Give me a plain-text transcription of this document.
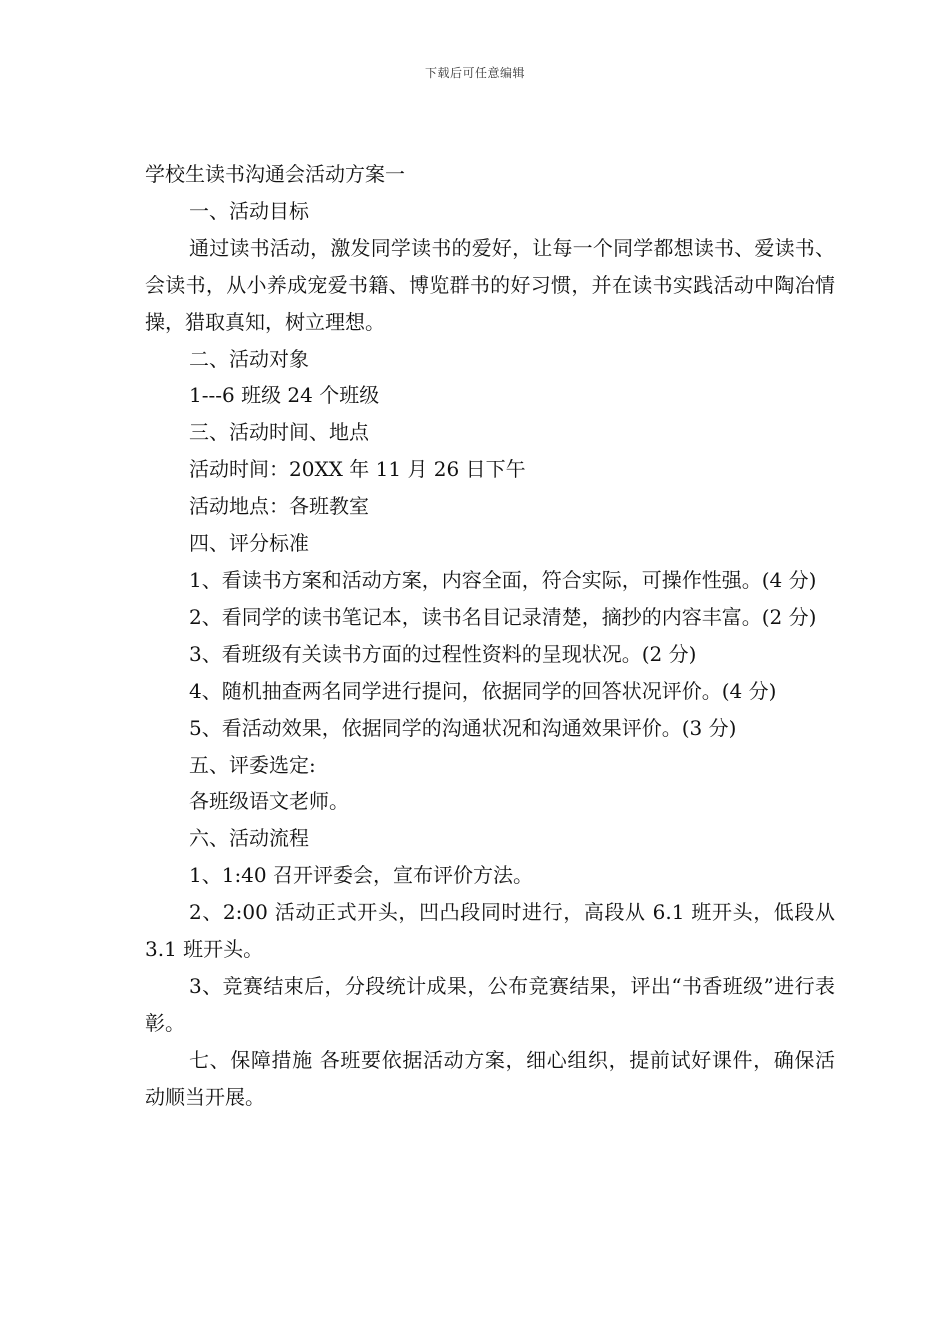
下载后可任意编辑

学校生读书沟通会活动方案一

一、活动目标

通过读书活动，激发同学读书的爱好，让每一个同学都想读书、爱读书、会读书，从小养成宠爱书籍、博览群书的好习惯，并在读书实践活动中陶冶情操，猎取真知，树立理想。

二、活动对象

1---6 班级 24 个班级

三、活动时间、地点

活动时间：20XX 年 11 月 26 日下午

活动地点：各班教室

四、评分标准

1、看读书方案和活动方案，内容全面，符合实际，可操作性强。(4 分)

2、看同学的读书笔记本，读书名目记录清楚，摘抄的内容丰富。(2 分)

3、看班级有关读书方面的过程性资料的呈现状况。(2 分)

4、随机抽查两名同学进行提问，依据同学的回答状况评价。(4 分)

5、看活动效果，依据同学的沟通状况和沟通效果评价。(3 分)

五、评委选定:

各班级语文老师。

六、活动流程

1、1:40 召开评委会，宣布评价方法。

2、2:00 活动正式开头，凹凸段同时进行，高段从 6.1 班开头，低段从 3.1 班开头。

3、竞赛结束后，分段统计成果，公布竞赛结果，评出“书香班级”进行表彰。

七、保障措施 各班要依据活动方案，细心组织，提前试好课件，确保活动顺当开展。
